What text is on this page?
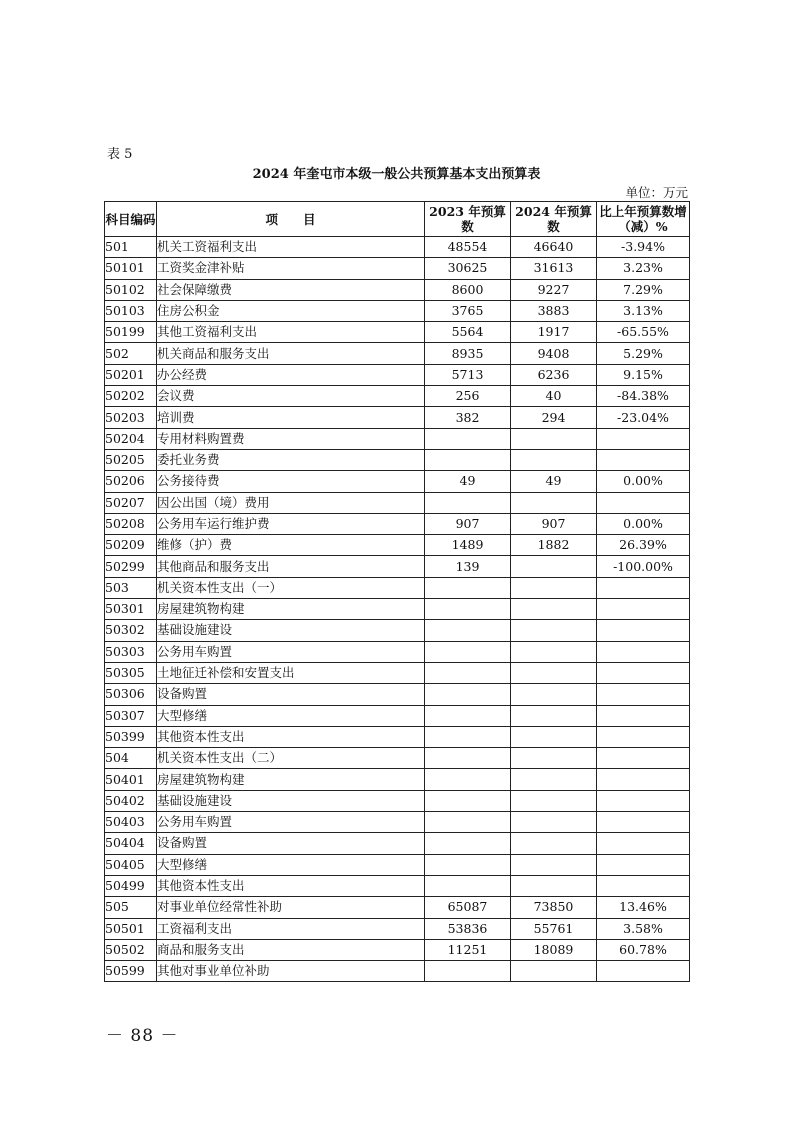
表 5
2024 年奎屯市本级一般公共预算基本支出预算表
单位：万元
科目编码	项　　目	2023 年预算数	2024 年预算数	比上年预算数增（减）%
501	机关工资福利支出	48554	46640	-3.94%
50101	工资奖金津补贴	30625	31613	3.23%
50102	社会保障缴费	8600	9227	7.29%
50103	住房公积金	3765	3883	3.13%
50199	其他工资福利支出	5564	1917	-65.55%
502	机关商品和服务支出	8935	9408	5.29%
50201	办公经费	5713	6236	9.15%
50202	会议费	256	40	-84.38%
50203	培训费	382	294	-23.04%
50204	专用材料购置费			
50205	委托业务费			
50206	公务接待费	49	49	0.00%
50207	因公出国（境）费用			
50208	公务用车运行维护费	907	907	0.00%
50209	维修（护）费	1489	1882	26.39%
50299	其他商品和服务支出	139		-100.00%
503	机关资本性支出（一）			
50301	房屋建筑物构建			
50302	基础设施建设			
50303	公务用车购置			
50305	土地征迁补偿和安置支出			
50306	设备购置			
50307	大型修缮			
50399	其他资本性支出			
504	机关资本性支出（二）			
50401	房屋建筑物构建			
50402	基础设施建设			
50403	公务用车购置			
50404	设备购置			
50405	大型修缮			
50499	其他资本性支出			
505	对事业单位经常性补助	65087	73850	13.46%
50501	工资福利支出	53836	55761	3.58%
50502	商品和服务支出	11251	18089	60.78%
50599	其他对事业单位补助			
－ 88 －
